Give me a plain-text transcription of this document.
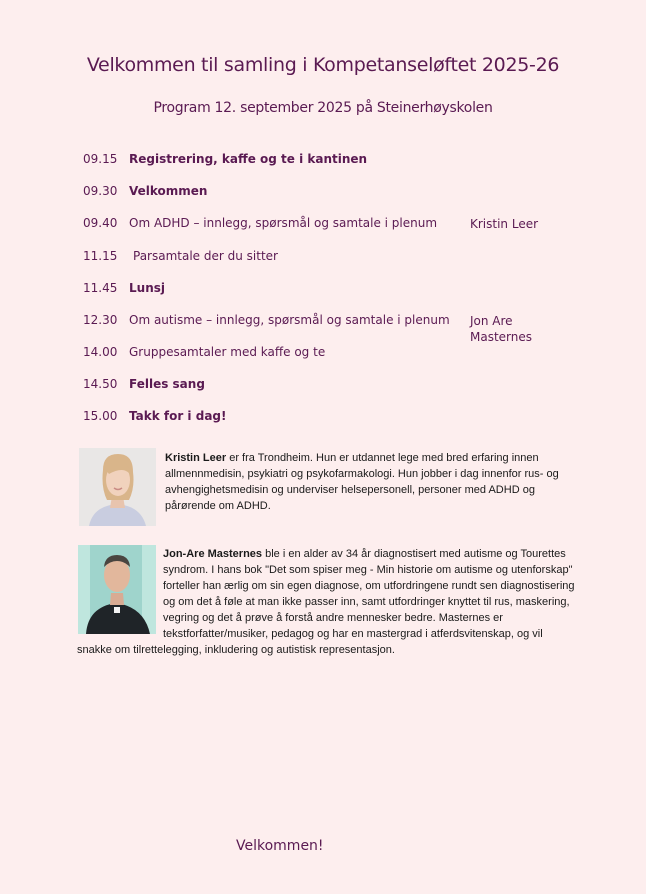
Velkommen til samling i Kompetanseløftet 2025-26
Program 12. september 2025 på Steinerhøyskolen
09.15 Registrering, kaffe og te i kantinen
09.30 Velkommen
09.40 Om ADHD – innlegg, spørsmål og samtale i plenum	Kristin Leer
11.15	Parsamtale der du sitter
11.45 Lunsj
12.30 Om autisme – innlegg, spørsmål og samtale i plenum	Jon Are Masternes
14.00 Gruppesamtaler med kaffe og te
14.50 Felles sang
15.00 Takk for i dag!
Kristin Leer er fra Trondheim. Hun er utdannet lege med bred erfaring innen allmennmedisin, psykiatri og psykofarmakologi. Hun jobber i dag innenfor rus- og avhengighetsmedisin og underviser helsepersonell, personer med ADHD og pårørende om ADHD.
Jon-Are Masternes ble i en alder av 34 år diagnostisert med autisme og Tourettes syndrom. I hans bok "Det som spiser meg - Min historie om autisme og utenforskap" forteller han ærlig om sin egen diagnose, om utfordringene rundt sen diagnostisering og om det å føle at man ikke passer inn, samt utfordringer knyttet til rus, maskering, vegring og det å prøve å forstå andre mennesker bedre. Masternes er tekstforfatter/musiker, pedagog og har en mastergrad i atferdsvitenskap, og vil snakke om tilrettelegging, inkludering og autistisk representasjon.
Velkommen!
